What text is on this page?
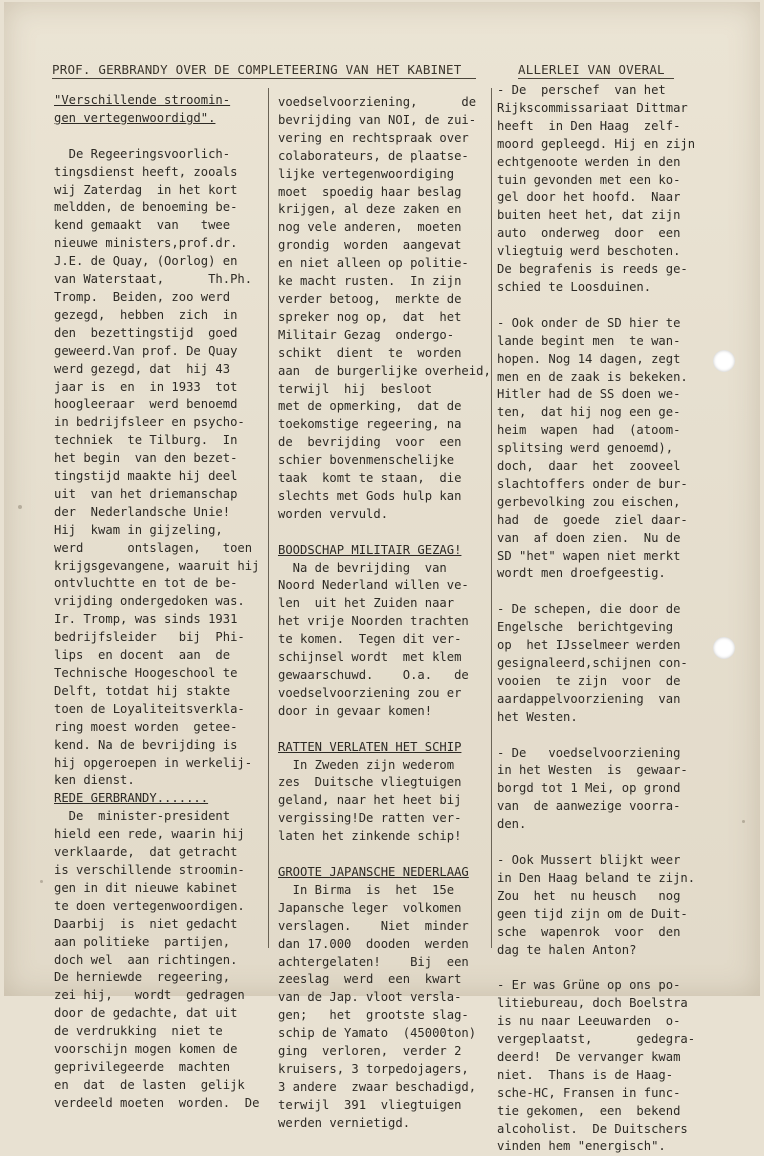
PROF. GERBRANDY OVER DE COMPLETEERING VAN HET KABINET	ALLERLEI VAN OVERAL

"Verschillende stroomin-

gen vertegenwoordigd".

De Regeeringsvoorlich-

tingsdienst heeft, zooals

wij Zaterdag  in het kort

meldden, de benoeming be-

kend gemaakt  van   twee

nieuwe ministers,prof.dr.

J.E. de Quay, (Oorlog) en

van Waterstaat,      Th.Ph.

Tromp.  Beiden, zoo werd

gezegd,  hebben  zich  in

den  bezettingstijd  goed

geweerd.Van prof. De Quay

werd gezegd, dat  hij 43

jaar is  en  in 1933  tot

hoogleeraar  werd benoemd

in bedrijfsleer en psycho-

techniek  te Tilburg.  In

het begin  van den bezet-

tingstijd maakte hij deel

uit  van het driemanschap

der  Nederlandsche Unie!

Hij  kwam in gijzeling,

werd      ontslagen,   toen

krijgsgevangene, waaruit hij

ontvluchtte en tot de be-

vrijding ondergedoken was.

Ir. Tromp, was sinds 1931

bedrijfsleider   bij  Phi-

lips  en docent  aan  de

Technische Hoogeschool te

Delft, totdat hij stakte

toen de Loyaliteitsverkla-

ring moest worden  getee-

kend. Na de bevrijding is

hij opgeroepen in werkelij-

ken dienst.

REDE GERBRANDY.......

De  minister-president

hield een rede, waarin hij

verklaarde,  dat getracht

is verschillende stroomin-

gen in dit nieuwe kabinet

te doen vertegenwoordigen.

Daarbij  is  niet gedacht

aan politieke  partijen,

doch wel  aan richtingen.

De herniewde  regeering,

zei hij,   wordt  gedragen

door de gedachte, dat uit

de verdrukking  niet te

voorschijn mogen komen de

geprivilegeerde  machten

en  dat  de lasten  gelijk

verdeeld moeten  worden.  De

voedselvoorziening,      de

bevrijding van NOI, de zui-

vering en rechtspraak over

colaborateurs, de plaatse-

lijke vertegenwoordiging

moet  spoedig haar beslag

krijgen, al deze zaken en

nog vele anderen,  moeten

grondig  worden  aangevat

en niet alleen op politie-

ke macht rusten.  In zijn

verder betoog,  merkte de

spreker nog op,  dat  het

Militair Gezag  ondergo-

schikt  dient  te  worden

aan  de burgerlijke overheid,

terwijl  hij  besloot

met de opmerking,  dat de

toekomstige regeering, na

de  bevrijding  voor  een

schier bovenmenschelijke

taak  komt te staan,  die

slechts met Gods hulp kan

worden vervuld.

BOODSCHAP MILITAIR GEZAG!

Na de bevrijding  van

Noord Nederland willen ve-

len  uit het Zuiden naar

het vrije Noorden trachten

te komen.  Tegen dit ver-

schijnsel wordt  met klem

gewaarschuwd.    O.a.   de

voedselvoorziening zou er

door in gevaar komen!

RATTEN VERLATEN HET SCHIP

In Zweden zijn wederom

zes  Duitsche vliegtuigen

geland, naar het heet bij

vergissing!De ratten ver-

laten het zinkende schip!

GROOTE JAPANSCHE NEDERLAAG

In Birma  is  het  15e

Japansche leger  volkomen

verslagen.    Niet  minder

dan 17.000  dooden  werden

achtergelaten!    Bij  een

zeeslag  werd  een  kwart

van de Jap. vloot versla-

gen;   het  grootste slag-

schip de Yamato  (45000ton)

ging  verloren,  verder 2

kruisers, 3 torpedojagers,

3 andere  zwaar beschadigd,

terwijl  391  vliegtuigen

werden vernietigd.

- De  perschef  van het

Rijkscommissariaat Dittmar

heeft  in Den Haag  zelf-

moord gepleegd. Hij en zijn

echtgenoote werden in den

tuin gevonden met een ko-

gel door het hoofd.  Naar

buiten heet het, dat zijn

auto  onderweg  door  een

vliegtuig werd beschoten.

De begrafenis is reeds ge-

schied te Loosduinen.

- Ook onder de SD hier te

lande begint men  te wan-

hopen. Nog 14 dagen, zegt

men en de zaak is bekeken.

Hitler had de SS doen we-

ten,  dat hij nog een ge-

heim  wapen  had  (atoom-

splitsing werd genoemd),

doch,  daar  het  zooveel

slachtoffers onder de bur-

gerbevolking zou eischen,

had  de  goede  ziel daar-

van  af doen zien.  Nu de

SD "het" wapen niet merkt

wordt men droefgeestig.

- De schepen, die door de

Engelsche  berichtgeving

op  het IJsselmeer werden

gesignaleerd,schijnen con-

vooien  te zijn  voor  de

aardappelvoorziening  van

het Westen.

- De   voedselvoorziening

in het Westen  is  gewaar-

borgd tot 1 Mei, op grond

van  de aanwezige voorra-

den.

- Ook Mussert blijkt weer

in Den Haag beland te zijn.

Zou  het  nu heusch   nog

geen tijd zijn om de Duit-

sche  wapenrok  voor  den

dag te halen Anton?

- Er was Grüne op ons po-

litiebureau, doch Boelstra

is nu naar Leeuwarden  o-

vergeplaatst,      gedegra-

deerd!  De vervanger kwam

niet.  Thans is de Haag-

sche-HC, Fransen in func-

tie gekomen,  een  bekend

alcoholist.  De Duitschers

vinden hem "energisch".
